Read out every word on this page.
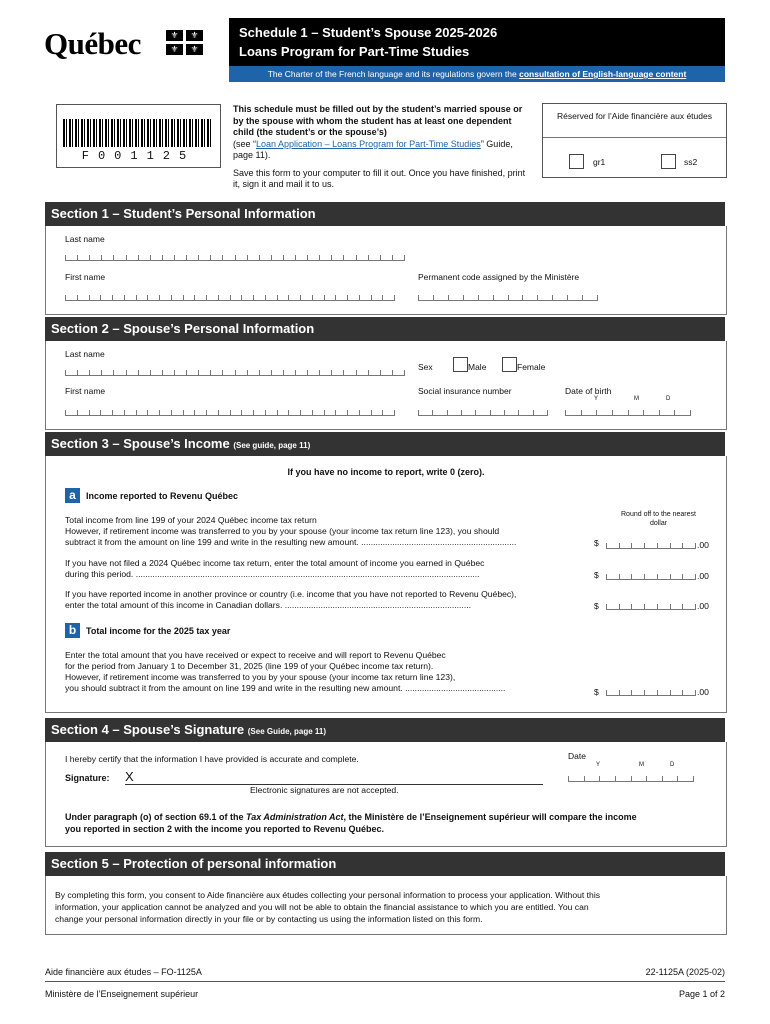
Québec	⚜	⚜
⚜	⚜
Schedule 1 – Student’s Spouse 2025-2026
Loans Program for Part-Time Studies
The Charter of the French language and its regulations govern the consultation of English-language content
F001125
This schedule must be filled out by the student’s married spouse or by the spouse with whom the student has at least one dependent child (the student’s or the spouse’s)
(see “Loan Application – Loans Program for Part-Time Studies” Guide, page 11).
Save this form to your computer to fill it out. Once you have finished, print it, sign it and mail it to us.
Réserved for l’Aide financière aux études
gr1	ss2
Section 1 – Student’s Personal Information
Last name
First name	Permanent code assigned by the Ministère
Section 2 – Spouse’s Personal Information
Last name
Sex	Male	Female
First name	Social insurance number	Date of birth
Y	M	D
Section 3 – Spouse’s Income (See guide, page 11)
If you have no income to report, write 0 (zero).
a Income reported to Revenu Québec
Round off to the nearest dollar
Total income from line 199 of your 2024 Québec income tax return
However, if retirement income was transferred to you by your spouse (your income tax return line 123), you should
subtract it from the amount on line 199 and write in the resulting new amount. .................................................................	$	.00
If you have not filed a 2024 Québec income tax return, enter the total amount of income you earned in Québec
during this period. ................................................................................................................................................	$	.00
If you have reported income in another province or country (i.e. income that you have not reported to Revenu Québec),
enter the total amount of this income in Canadian dollars. ..............................................................................	$	.00
b Total income for the 2025 tax year
Enter the total amount that you have received or expect to receive and will report to Revenu Québec
for the period from January 1 to December 31, 2025 (line 199 of your Québec income tax return).
However, if retirement income was transferred to you by your spouse (your income tax return line 123),
you should subtract it from the amount on line 199 and write in the resulting new amount. ..........................................	$	.00
Section 4 – Spouse’s Signature (See Guide, page 11)
I hereby certify that the information I have provided is accurate and complete.
Signature: X
Date
Y	M	D
Electronic signatures are not accepted.
Under paragraph (o) of section 69.1 of the Tax Administration Act, the Ministère de l’Enseignement supérieur will compare the income
you reported in section 2 with the income you reported to Revenu Québec.
Section 5 – Protection of personal information
By completing this form, you consent to Aide financière aux études collecting your personal information to process your application. Without this
information, your application cannot be analyzed and you will not be able to obtain the financial assistance to which you are entitled. You can
change your personal information directly in your file or by contacting us using the information listed on this form.
Aide financière aux études – FO-1125A
Ministère de l’Enseignement supérieur
22-1125A (2025-02)
Page 1 of 2
